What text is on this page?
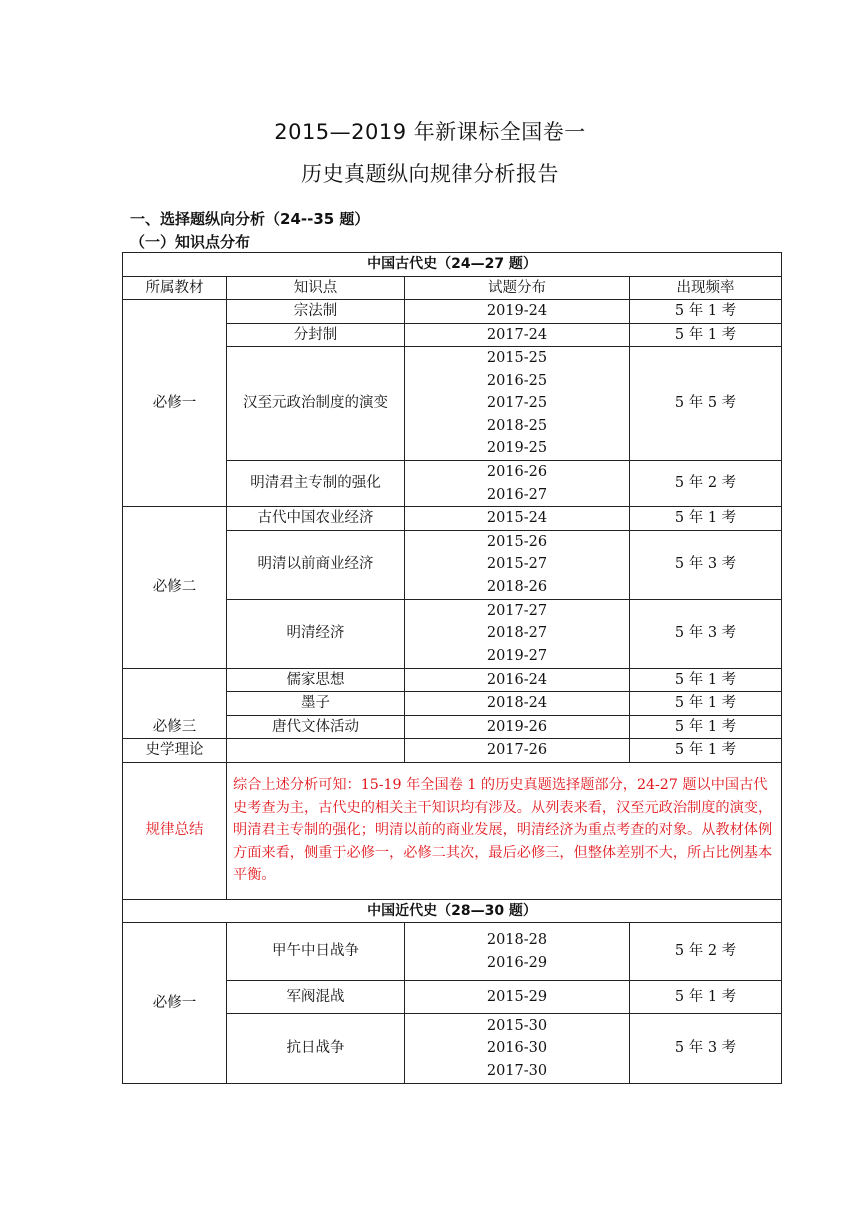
2015—2019 年新课标全国卷一
历史真题纵向规律分析报告
一、选择题纵向分析（24--35 题）
（一）知识点分布
中国古代史（24—27 题）			
所属教材	知识点	试题分布	出现频率
必修一	宗法制	2019-24	5 年 1 考
	分封制	2017-24	5 年 1 考

	汉至元政治制度的演变	2015-25
2016-25
2017-25
2018-25
2019-25	5 年 5 考

	明清君主专制的强化	2016-26
2016-27	5 年 2 考
必修二	古代中国农业经济	2015-24	5 年 1 考
	明清以前商业经济	2015-26
2015-27
2018-26	5 年 3 考
	明清经济	2017-27
2018-27
2019-27	5 年 3 考
必修三	儒家思想	2016-24	5 年 1 考
	墨子	2018-24	5 年 1 考
	唐代文体活动	2019-26	5 年 1 考
史学理论		2017-26	5 年 1 考
规律总结	综合上述分析可知：15-19 年全国卷 1 的历史真题选择题部分，24-27 题以中国古代史考查为主，古代史的相关主干知识均有涉及。从列表来看，汉至元政治制度的演变，明清君主专制的强化；明清以前的商业发展，明清经济为重点考查的对象。从教材体例方面来看，侧重于必修一，必修二其次，最后必修三，但整体差别不大，所占比例基本平衡。		
中国近代史（28—30 题）			
必修一	甲午中日战争	2018-28
2016-29	5 年 2 考
	军阀混战	2015-29	5 年 1 考
	抗日战争	2015-30
2016-30
2017-30	5 年 3 考
